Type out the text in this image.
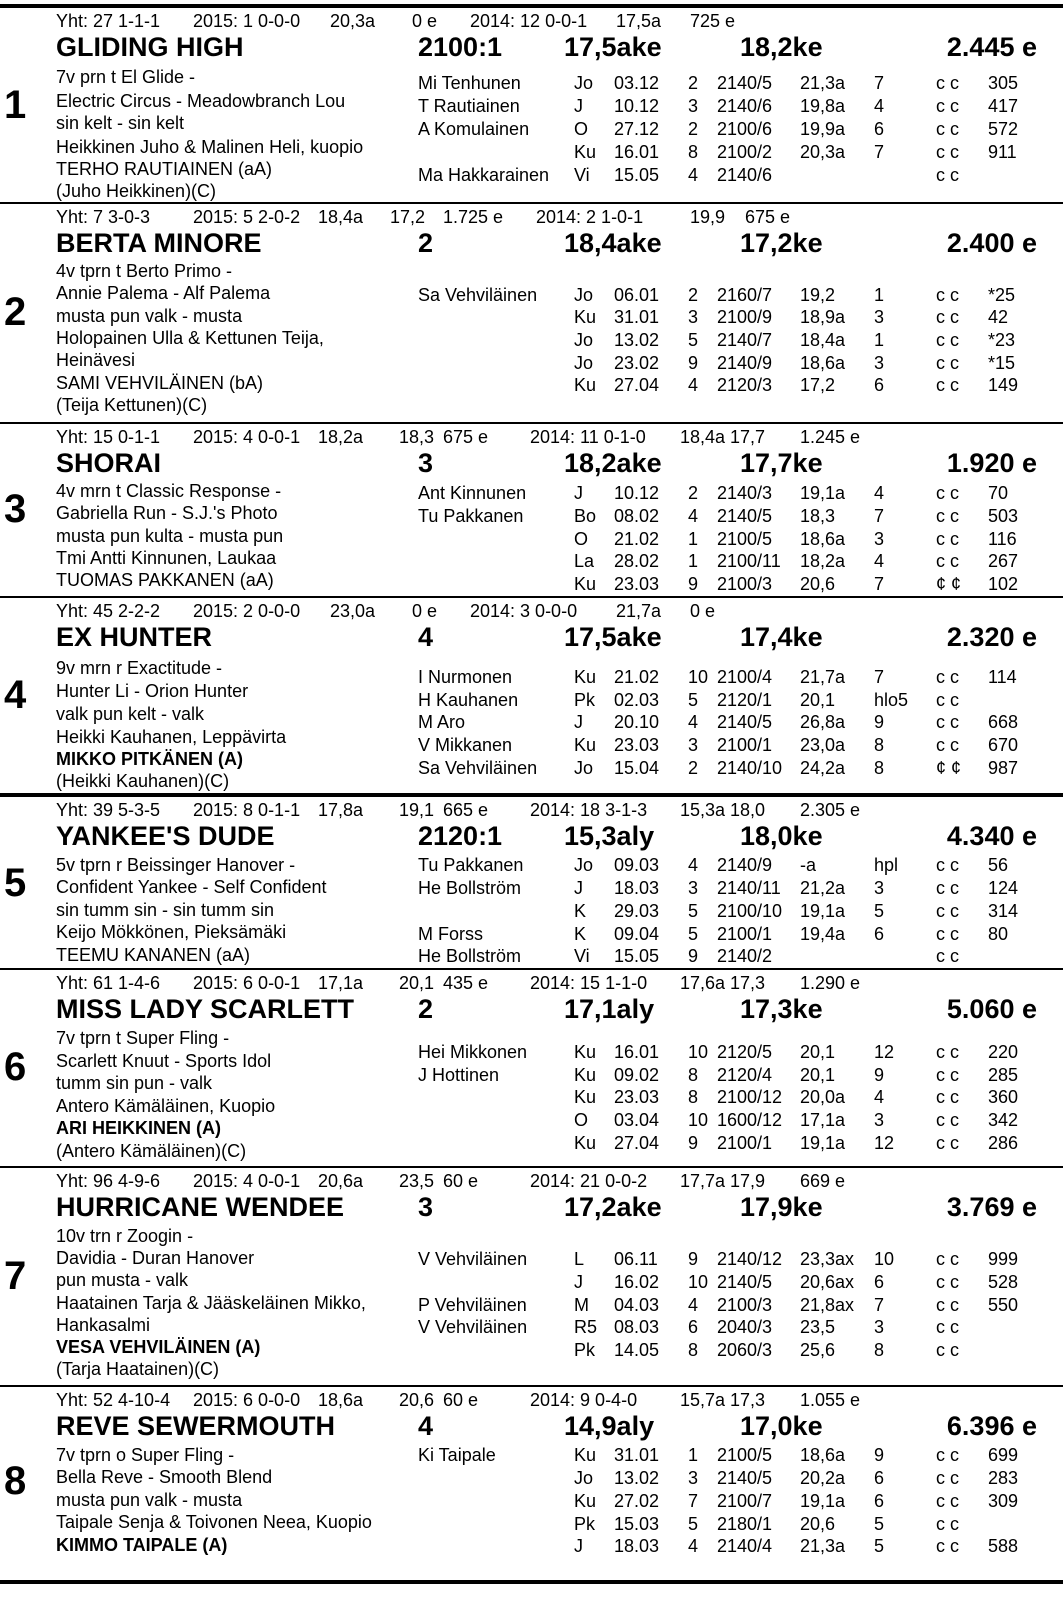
1
Yht: 27 1-1-1 2015: 1 0-0-0 20,3a 0 e 2014: 12 0-0-1 17,5a 725 e
GLIDING HIGH	2100:1 17,5ake	18,2ke	2.445 e
7v prn t El Glide -
Electric Circus - Meadowbranch Lou
sin kelt - sin kelt
Heikkinen Juho & Malinen Heli, kuopio
TERHO RAUTIAINEN (aA)
(Juho Heikkinen)(C)
Mi Tenhunen	Jo 03.12 2 2140/5 21,3a 7	c c 305
T Rautiainen	J 10.12 3 2140/6 19,8a 4	c c 417
A Komulainen O 27.12 2 2100/6 19,9a 6	c c 572
Ku 16.01 8 2100/2 20,3a 7	c c 911
Ma Hakkarainen Vi 15.05 4 2140/6	c c
2
Yht: 7 3-0-3 2015: 5 2-0-2 18,4a 17,2 1.725 e 2014: 2 1-0-1	19,9 675 e
BERTA MINORE	2	18,4ake	17,2ke	2.400 e
4v tprn t Berto Primo -
Annie Palema - Alf Palema
musta pun valk - musta
Holopainen Ulla & Kettunen Teija,
Heinävesi
SAMI VEHVILÄINEN (bA)
(Teija Kettunen)(C)
Sa Vehviläinen Jo 06.01 2 2160/7 19,2 1	c c *25
Ku 31.01 3 2100/9 18,9a 3	c c 42
Jo 13.02 5 2140/7 18,4a 1	c c *23
Jo 23.02 9 2140/9 18,6a 3	c c *15
Ku 27.04 4 2120/3 17,2 6	c c 149
3
Yht: 15 0-1-1 2015: 4 0-0-1 18,2a 18,3 675 e 2014: 11 0-1-0 18,4a 17,7 1.245 e
SHORAI	3	18,2ake	17,7ke	1.920 e
4v mrn t Classic Response -
Gabriella Run - S.J.'s Photo
musta pun kulta - musta pun
Tmi Antti Kinnunen, Laukaa
TUOMAS PAKKANEN (aA)
Ant Kinnunen	J 10.12 2 2140/3 19,1a 4	c c 70
Tu Pakkanen	Bo 08.02 4 2140/5 18,3 7	c c 503
O 21.02 1 2100/5 18,6a 3	c c 116
La 28.02 1 2100/11 18,2a 4	c c 267
Ku 23.03 9 2100/3 20,6 7	¢ ¢ 102
4
Yht: 45 2-2-2 2015: 2 0-0-0 23,0a 0 e 2014: 3 0-0-0 21,7a 0 e
EX HUNTER	4	17,5ake	17,4ke	2.320 e
9v mrn r Exactitude -
Hunter Li - Orion Hunter
valk pun kelt - valk
Heikki Kauhanen, Leppävirta
MIKKO PITKÄNEN (A)
(Heikki Kauhanen)(C)
I Nurmonen	Ku 21.02 10 2100/4 21,7a 7	c c 114
H Kauhanen	Pk 02.03 5 2120/1 20,1 hlo5 c c
M Aro	J 20.10 4 2140/5 26,8a 9	c c 668
V Mikkanen	Ku 23.03 3 2100/1 23,0a 8	c c 670
Sa Vehviläinen Jo 15.04 2 2140/10 24,2a 8	¢ ¢ 987
5
Yht: 39 5-3-5 2015: 8 0-1-1 17,8a 19,1 665 e 2014: 18 3-1-3 15,3a 18,0 2.305 e
YANKEE'S DUDE	2120:1 15,3aly	18,0ke	4.340 e
5v tprn r Beissinger Hanover -
Confident Yankee - Self Confident
sin tumm sin - sin tumm sin
Keijo Mökkönen, Pieksämäki
TEEMU KANANEN (aA)
Tu Pakkanen	Jo 09.03 4 2140/9 -a	hpl c c 56
He Bollström	J 18.03 3 2140/11 21,2a 3	c c 124
K 29.03 5 2100/10 19,1a 5	c c 314
M Forss	K 09.04 5 2100/1 19,4a 6	c c 80
He Bollström	Vi 15.05 9 2140/2	c c
6
Yht: 61 1-4-6 2015: 6 0-0-1 17,1a 20,1 435 e 2014: 15 1-1-0 17,6a 17,3 1.290 e
MISS LADY SCARLETT 2	17,1aly	17,3ke	5.060 e
7v tprn t Super Fling -
Scarlett Knuut - Sports Idol
tumm sin pun - valk
Antero Kämäläinen, Kuopio
ARI HEIKKINEN (A)
(Antero Kämäläinen)(C)
Hei Mikkonen	Ku 16.01 10 2120/5 20,1 12 c c 220
J Hottinen	Ku 09.02 8 2120/4 20,1 9	c c 285
Ku 23.03 8 2100/12 20,0a 4	c c 360
O 03.04 10 1600/12 17,1a 3	c c 342
Ku 27.04 9 2100/1 19,1a 12 c c 286
7
Yht: 96 4-9-6 2015: 4 0-0-1 20,6a 23,5 60 e	2014: 21 0-0-2 17,7a 17,9 669 e
HURRICANE WENDEE	3	17,2ake	17,9ke	3.769 e
10v trn r Zoogin -
Davidia - Duran Hanover
pun musta - valk
Haatainen Tarja & Jääskeläinen Mikko,
Hankasalmi
VESA VEHVILÄINEN (A)
(Tarja Haatainen)(C)
V Vehviläinen	L 06.11 9 2140/12 23,3ax 10 c c 999
J 16.02 10 2140/5 20,6ax 6	c c 528
P Vehviläinen	M 04.03 4 2100/3 21,8ax 7	c c 550
V Vehviläinen	R5 08.03 6 2040/3 23,5 3	c c
Pk 14.05 8 2060/3 25,6 8	c c
8
Yht: 52 4-10-4 2015: 6 0-0-0 18,6a 20,6 60 e	2014: 9 0-4-0 15,7a 17,3 1.055 e
REVE SEWERMOUTH	4	14,9aly	17,0ke	6.396 e
7v tprn o Super Fling -
Bella Reve - Smooth Blend
musta pun valk - musta
Taipale Senja & Toivonen Neea, Kuopio
KIMMO TAIPALE (A)
Ki Taipale	Ku 31.01 1 2100/5 18,6a 9	c c 699
Jo 13.02 3 2140/5 20,2a 6	c c 283
Ku 27.02 7 2100/7 19,1a 6	c c 309
Pk 15.03 5 2180/1 20,6 5	c c
J 18.03 4 2140/4 21,3a 5	c c 588
